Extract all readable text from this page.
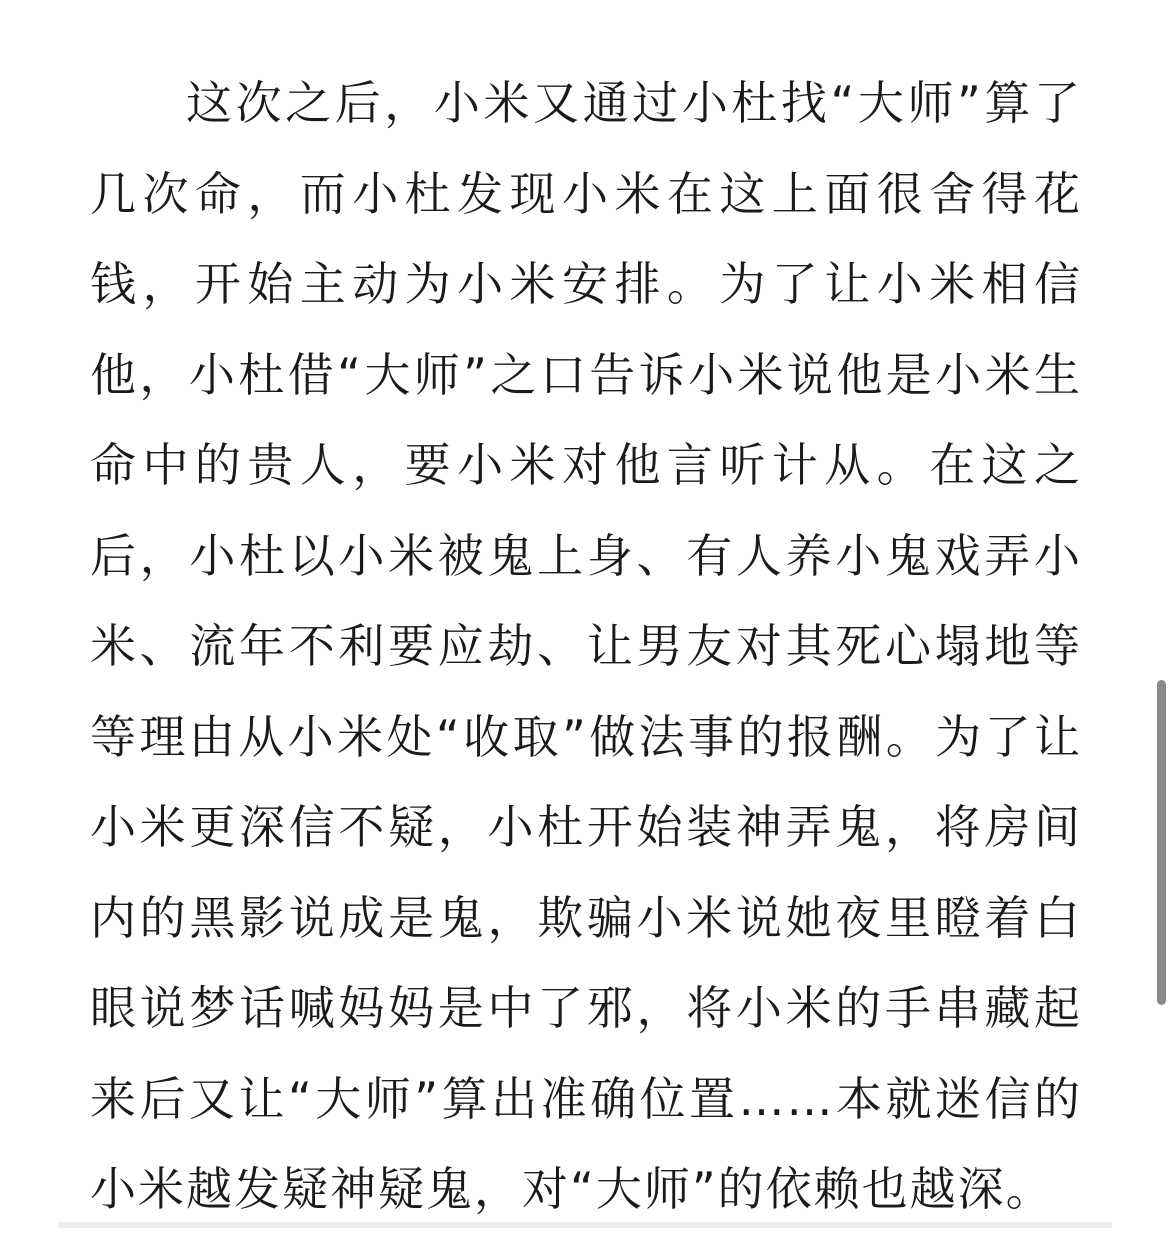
这次之后，小米又通过小杜找“大师”算了
几次命，而小杜发现小米在这上面很舍得花
钱，开始主动为小米安排。为了让小米相信
他，小杜借“大师”之口告诉小米说他是小米生
命中的贵人，要小米对他言听计从。在这之
后，小杜以小米被鬼上身、有人养小鬼戏弄小
米、流年不利要应劫、让男友对其死心塌地等
等理由从小米处“收取”做法事的报酬。为了让
小米更深信不疑，小杜开始装神弄鬼，将房间
内的黑影说成是鬼，欺骗小米说她夜里瞪着白
眼说梦话喊妈妈是中了邪，将小米的手串藏起
来后又让“大师”算出准确位置……本就迷信的
小米越发疑神疑鬼，对“大师”的依赖也越深。
